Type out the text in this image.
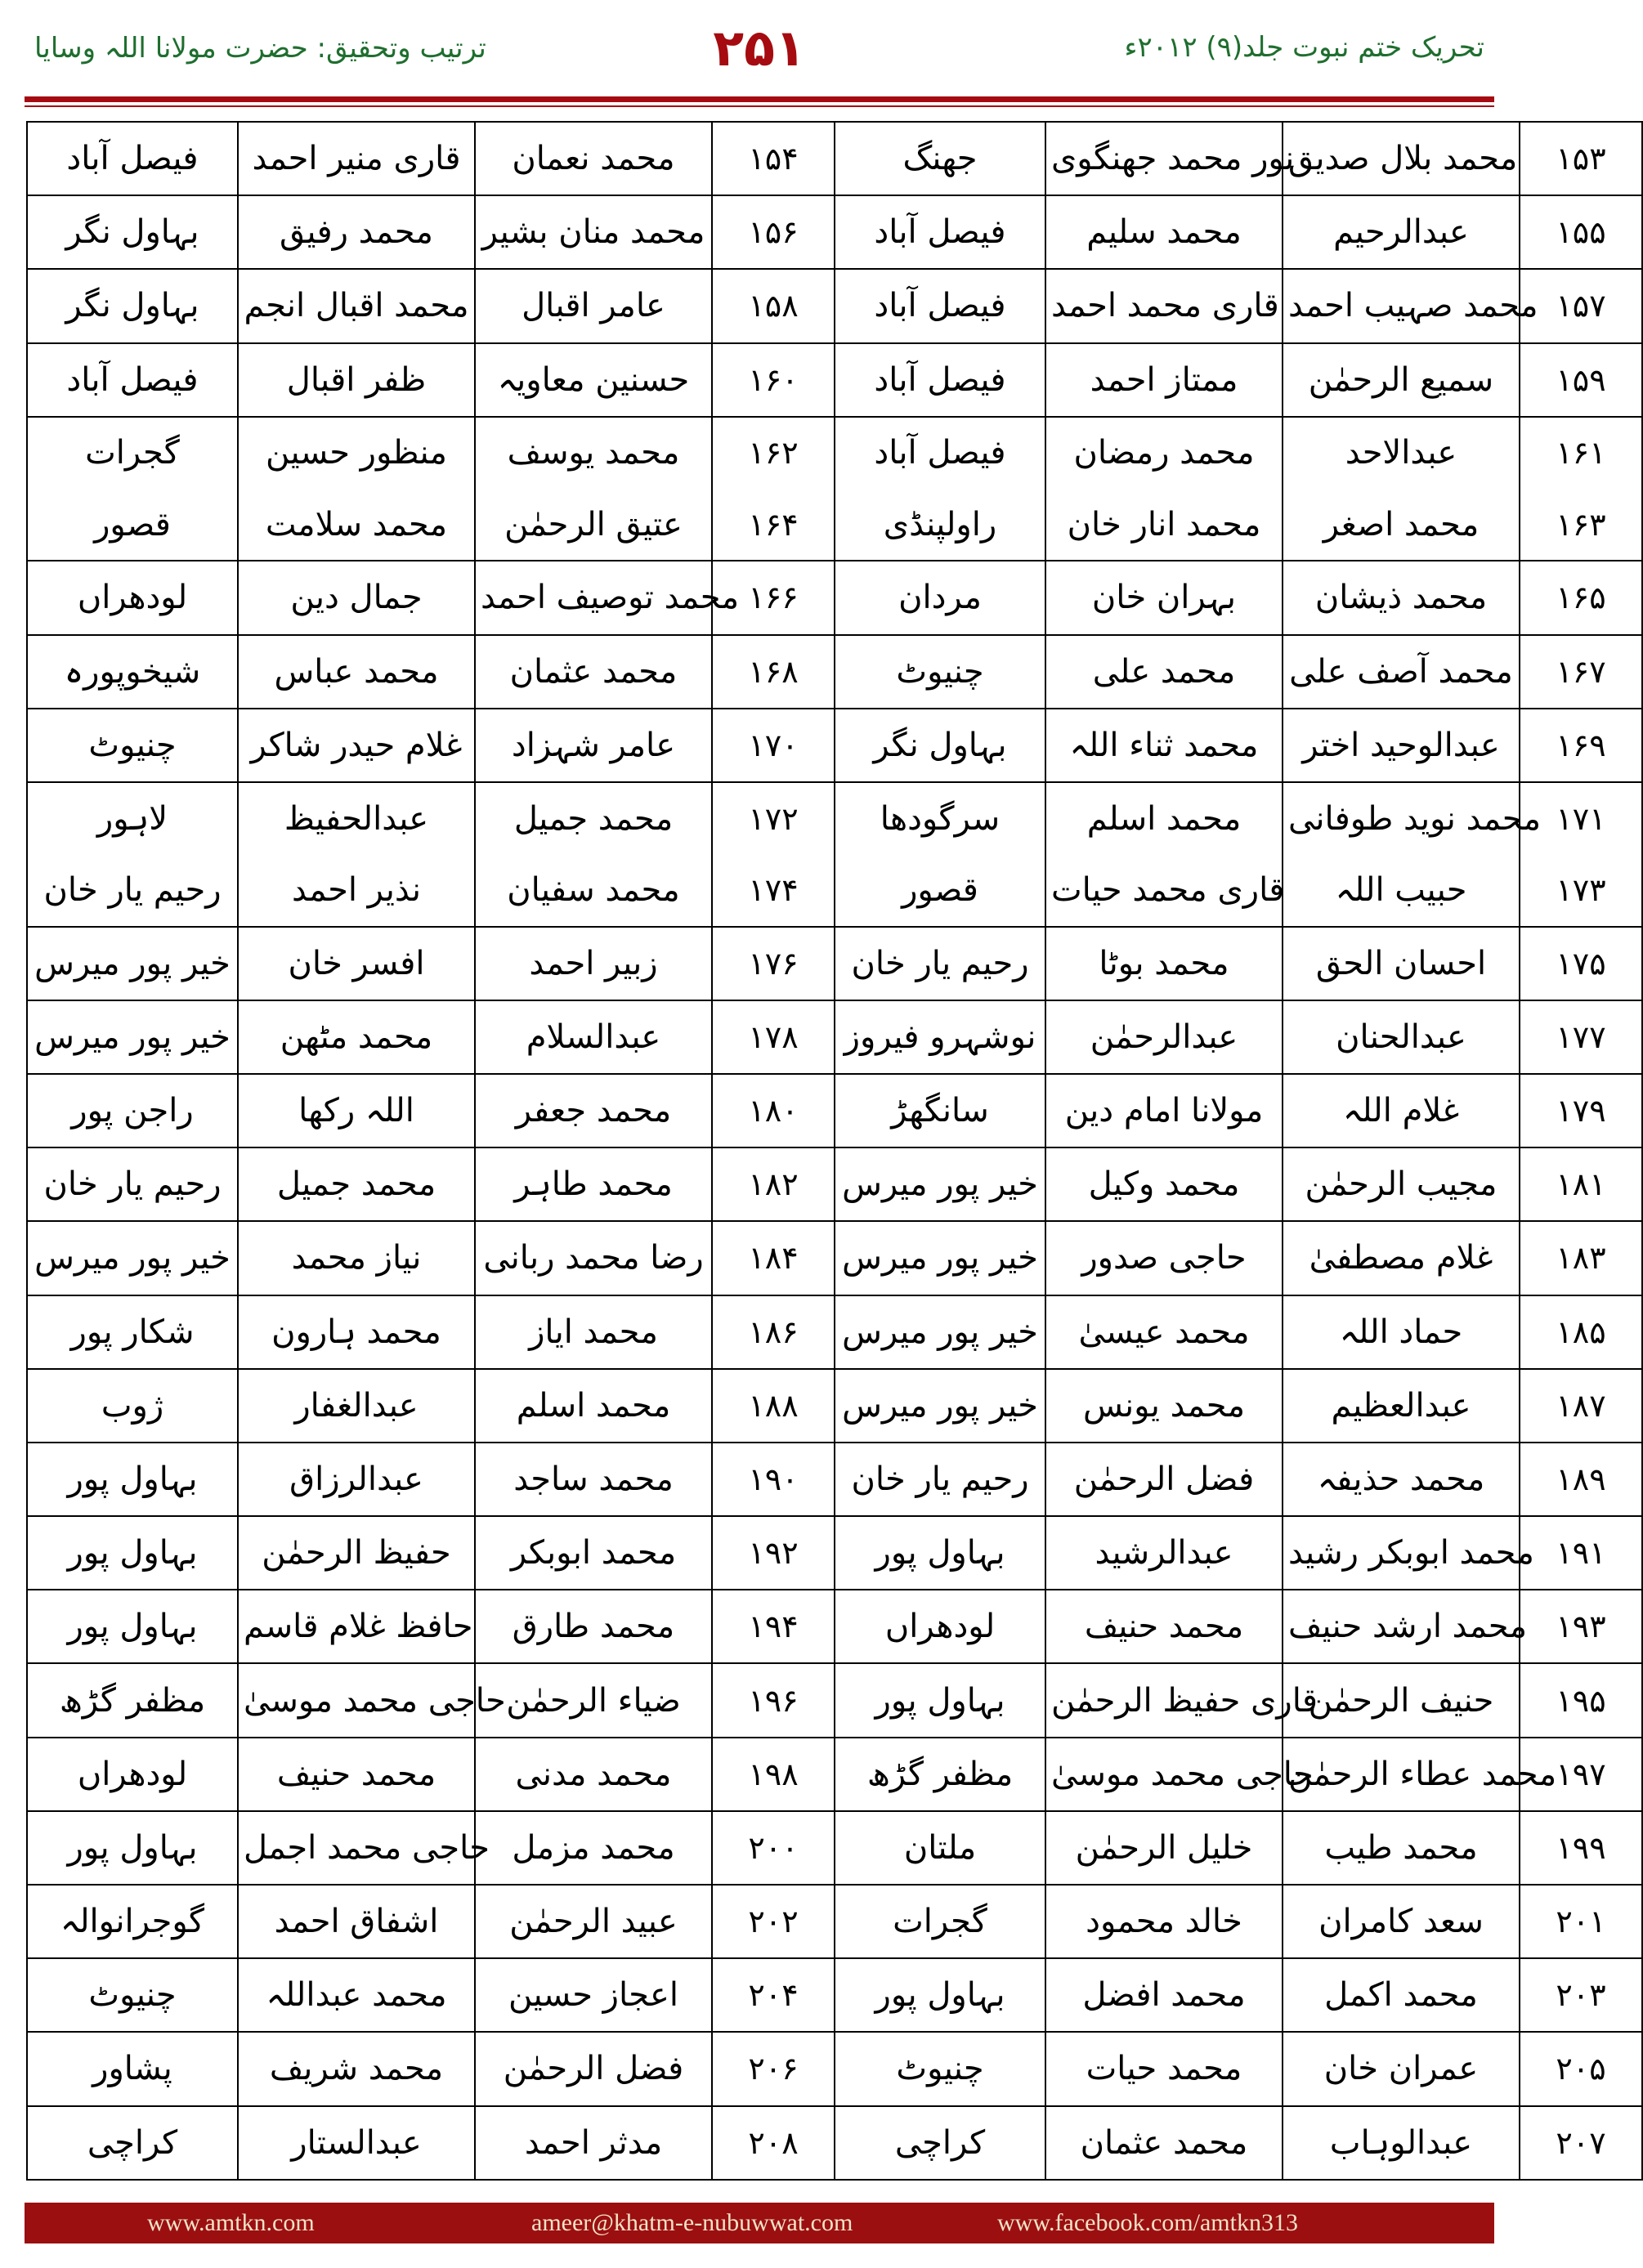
ترتیب وتحقیق: حضرت مولانا اللہ وسایا	۲۵۱	تحریک ختم نبوت جلد(۹) ۲۰۱۲ء
فیصل آباد	قاری منیر احمد	محمد نعمان	۱۵۴	جھنگ	نور محمد جھنگوی	محمد بلال صدیق	۱۵۳
بہاول نگر	محمد رفیق	محمد منان بشیر	۱۵۶	فیصل آباد	محمد سلیم	عبدالرحیم	۱۵۵
بہاول نگر	محمد اقبال انجم	عامر اقبال	۱۵۸	فیصل آباد	قاری محمد احمد	محمد صہیب احمد	۱۵۷
فیصل آباد	ظفر اقبال	حسنین معاویہ	۱۶۰	فیصل آباد	ممتاز احمد	سمیع الرحمٰن	۱۵۹
گجرات	منظور حسین	محمد یوسف	۱۶۲	فیصل آباد	محمد رمضان	عبدالاحد	۱۶۱
قصور	محمد سلامت	عتیق الرحمٰن	۱۶۴	راولپنڈی	محمد انار خان	محمد اصغر	۱۶۳
لودھراں	جمال دین	محمد توصیف احمد	۱۶۶	مردان	بہران خان	محمد ذیشان	۱۶۵
شیخوپورہ	محمد عباس	محمد عثمان	۱۶۸	چنیوٹ	محمد علی	محمد آصف علی	۱۶۷
چنیوٹ	غلام حیدر شاکر	عامر شہزاد	۱۷۰	بہاول نگر	محمد ثناء اللہ	عبدالوحید اختر	۱۶۹
لاہور	عبدالحفیظ	محمد جمیل	۱۷۲	سرگودھا	محمد اسلم	محمد نوید طوفانی	۱۷۱
رحیم یار خان	نذیر احمد	محمد سفیان	۱۷۴	قصور	قاری محمد حیات	حبیب اللہ	۱۷۳
خیر پور میرس	افسر خان	زبیر احمد	۱۷۶	رحیم یار خان	محمد بوٹا	احسان الحق	۱۷۵
خیر پور میرس	محمد مٹھن	عبدالسلام	۱۷۸	نوشہرو فیروز	عبدالرحمٰن	عبدالحنان	۱۷۷
راجن پور	اللہ رکھا	محمد جعفر	۱۸۰	سانگھڑ	مولانا امام دین	غلام اللہ	۱۷۹
رحیم یار خان	محمد جمیل	محمد طاہر	۱۸۲	خیر پور میرس	محمد وکیل	مجیب الرحمٰن	۱۸۱
خیر پور میرس	نیاز محمد	رضا محمد ربانی	۱۸۴	خیر پور میرس	حاجی صدور	غلام مصطفیٰ	۱۸۳
شکار پور	محمد ہارون	محمد ایاز	۱۸۶	خیر پور میرس	محمد عیسیٰ	حماد اللہ	۱۸۵
ژوب	عبدالغفار	محمد اسلم	۱۸۸	خیر پور میرس	محمد یونس	عبدالعظیم	۱۸۷
بہاول پور	عبدالرزاق	محمد ساجد	۱۹۰	رحیم یار خان	فضل الرحمٰن	محمد حذیفہ	۱۸۹
بہاول پور	حفیظ الرحمٰن	محمد ابوبکر	۱۹۲	بہاول پور	عبدالرشید	محمد ابوبکر رشید	۱۹۱
بہاول پور	حافظ غلام قاسم	محمد طارق	۱۹۴	لودھراں	محمد حنیف	محمد ارشد حنیف	۱۹۳
مظفر گڑھ	حاجی محمد موسیٰ	ضیاء الرحمٰن	۱۹۶	بہاول پور	قاری حفیظ الرحمٰن	حنیف الرحمٰن	۱۹۵
لودھراں	محمد حنیف	محمد مدنی	۱۹۸	مظفر گڑھ	حاجی محمد موسیٰ	محمد عطاء الرحمٰن	۱۹۷
بہاول پور	حاجی محمد اجمل	محمد مزمل	۲۰۰	ملتان	خلیل الرحمٰن	محمد طیب	۱۹۹
گوجرانوالہ	اشفاق احمد	عبید الرحمٰن	۲۰۲	گجرات	خالد محمود	سعد کامران	۲۰۱
چنیوٹ	محمد عبداللہ	اعجاز حسین	۲۰۴	بہاول پور	محمد افضل	محمد اکمل	۲۰۳
پشاور	محمد شریف	فضل الرحمٰن	۲۰۶	چنیوٹ	محمد حیات	عمران خان	۲۰۵
کراچی	عبدالستار	مدثر احمد	۲۰۸	کراچی	محمد عثمان	عبدالوہاب	۲۰۷
www.amtkn.com	ameer@khatm-e-nubuwwat.com	www.facebook.com/amtkn313
